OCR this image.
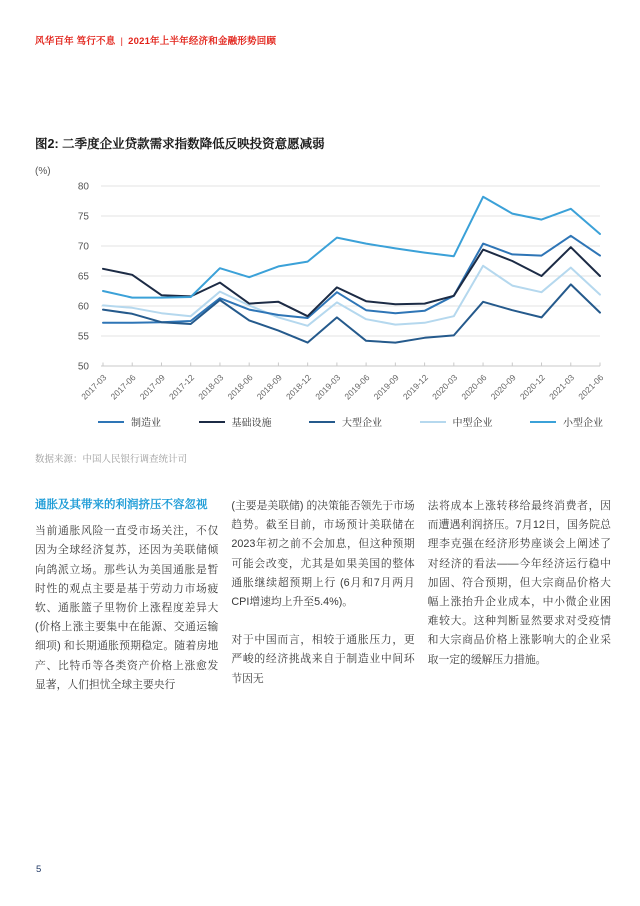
风华百年 笃行不息 | 2021年上半年经济和金融形势回顾
图2: 二季度企业贷款需求指数降低反映投资意愿减弱
(%)
50
55
60
65
70
75
80
2017-03 2017-06 2017-09 2017-12 2018-03 2018-06 2018-09 2018-12 2019-03 2019-06 2019-09 2019-12 2020-03 2020-06 2020-09 2020-12 2021-03 2021-06
制造业	基础设施	大型企业	中型企业	小型企业
数据来源：中国人民银行调查统计司
通胀及其带来的利润挤压不容忽视

当前通胀风险一直受市场关注，不仅因为全球经济复苏，还因为美联储倾向鸽派立场。那些认为美国通胀是暂时性的观点主要是基于劳动力市场疲软、通胀篮子里物价上涨程度差异大 (价格上涨主要集中在能源、交通运输细项) 和长期通胀预期稳定。随着房地产、比特币等各类资产价格上涨愈发显著，人们担忧全球主要央行

(主要是美联储) 的决策能否领先于市场趋势。截至目前，市场预计美联储在 2023年初之前不会加息，但这种预期可能会改变，尤其是如果美国的整体通胀继续超预期上行 (6月和7月两月CPI增速均上升至5.4%)。

对于中国而言，相较于通胀压力，更严峻的经济挑战来自于制造业中间环节因无

法将成本上涨转移给最终消费者，因而遭遇利润挤压。7月12日，国务院总理李克强在经济形势座谈会上阐述了对经济的看法——今年经济运行稳中加固、符合预期，但大宗商品价格大幅上涨抬升企业成本，中小微企业困难较大。这种判断显然要求对受疫情和大宗商品价格上涨影响大的企业采取一定的缓解压力措施。

5
